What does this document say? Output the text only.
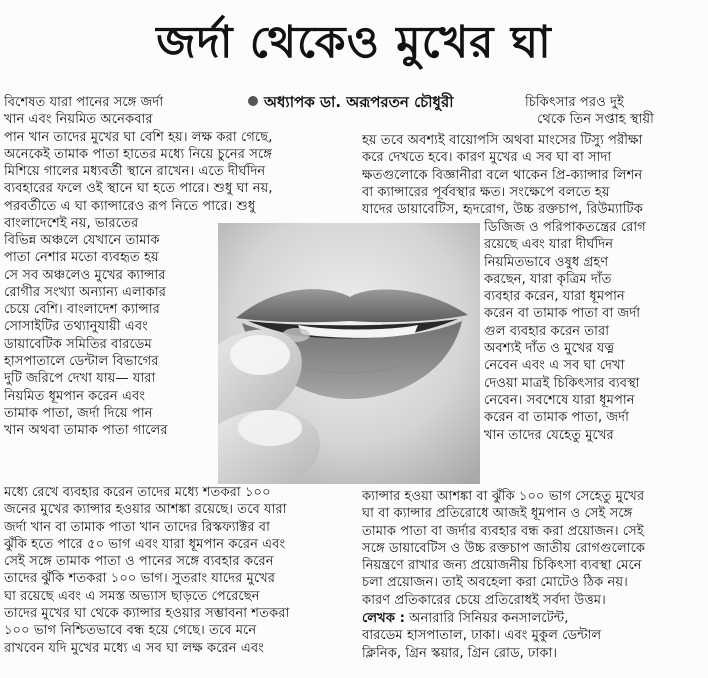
জর্দা থেকেও মুখের ঘা
অধ্যাপক ডা. অরূপরতন চৌধুরী
বিশেষত যারা পানের সঙ্গে জর্দা
খান এবং নিয়মিত অনেকবার
পান খান তাদের মুখের ঘা বেশি হয়। লক্ষ করা গেছে,
অনেকেই তামাক পাতা হাতের মধ্যে নিয়ে চুনের সঙ্গে
মিশিয়ে গালের মধ্যবর্তী স্থানে রাখেন। এতে দীর্ঘদিন
ব্যবহারের ফলে ওই স্থানে ঘা হতে পারে। শুধু ঘা নয়,
পরবর্তীতে এ ঘা ক্যান্সারেও রূপ নিতে পারে। শুধু
বাংলাদেশেই নয়, ভারতের
বিভিন্ন অঞ্চলে যেখানে তামাক
পাতা নেশার মতো ব্যবহৃত হয়
সে সব অঞ্চলেও মুখের ক্যান্সার
রোগীর সংখ্যা অন্যান্য এলাকার
চেয়ে বেশি। বাংলাদেশ ক্যান্সার
সোসাইটির তথ্যানুযায়ী এবং
ডায়াবেটিক সমিতির বারডেম
হাসপাতালে ডেন্টাল বিভাগের
দুটি জরিপে দেখা যায়— যারা
নিয়মিত ধূমপান করেন এবং
তামাক পাতা, জর্দা দিয়ে পান
খান অথবা তামাক পাতা গালের
মধ্যে রেখে ব্যবহার করেন তাদের মধ্যে শতকরা ১০০
জনের মুখের ক্যান্সার হওয়ার আশঙ্কা রয়েছে। তবে যারা
জর্দা খান বা তামাক পাতা খান তাদের রিস্কফ্যাক্টর বা
ঝুঁকি হতে পারে ৫০ ভাগ এবং যারা ধূমপান করেন এবং
সেই সঙ্গে তামাক পাতা ও পানের সঙ্গে ব্যবহার করেন
তাদের ঝুঁকি শতকরা ১০০ ভাগ। সুতরাং যাদের মুখের
ঘা রয়েছে এবং এ সমস্ত অভ্যাস ছাড়তে পেরেছেন
তাদের মুখের ঘা থেকে ক্যান্সার হওয়ার সম্ভাবনা শতকরা
১০০ ভাগ নিশ্চিতভাবে বন্ধ হয়ে গেছে। তবে মনে
রাখবেন যদি মুখের মধ্যে এ সব ঘা লক্ষ করেন এবং
চিকিৎসার পরও দুই
থেকে তিন সপ্তাহ স্থায়ী
হয় তবে অবশ্যই বায়োপসি অথবা মাংসের টিস্যু পরীক্ষা
করে দেখতে হবে। কারণ মুখের এ সব ঘা বা সাদা
ক্ষতগুলোকে বিজ্ঞানীরা বলে থাকেন প্রি-ক্যান্সার লিশন
বা ক্যান্সারের পূর্ববস্থার ক্ষত। সংক্ষেপে বলতে হয়
যাদের ডায়াবেটিস, হৃদরোগ, উচ্চ রক্তচাপ, রিউম্যাটিক
ডিজিজ ও পরিপাকতন্ত্রের রোগ
রয়েছে এবং যারা দীর্ঘদিন
নিয়মিতভাবে ওষুধ গ্রহণ
করছেন, যারা কৃত্রিম দাঁত
ব্যবহার করেন, যারা ধূমপান
করেন বা তামাক পাতা বা জর্দা
গুল ব্যবহার করেন তারা
অবশ্যই দাঁত ও মুখের যত্ন
নেবেন এবং এ সব ঘা দেখা
দেওয়া মাত্রই চিকিৎসার ব্যবস্থা
নেবেন। সবশেষে যারা ধূমপান
করেন বা তামাক পাতা, জর্দা
খান তাদের যেহেতু মুখের
ক্যান্সার হওয়া আশঙ্কা বা ঝুঁকি ১০০ ভাগ সেহেতু মুখের
ঘা বা ক্যান্সার প্রতিরোধে আজই ধূমপান ও সেই সঙ্গে
তামাক পাতা বা জর্দার ব্যবহার বন্ধ করা প্রয়োজন। সেই
সঙ্গে ডায়াবেটিস ও উচ্চ রক্তচাপ জাতীয় রোগগুলোকে
নিয়ন্ত্রণে রাখার জন্য প্রয়োজনীয় চিকিৎসা ব্যবস্থা মেনে
চলা প্রয়োজন। তাই অবহেলা করা মোটেও ঠিক নয়।
কারণ প্রতিকারের চেয়ে প্রতিরোধই সর্বদা উত্তম।
লেখক : অনারারি সিনিয়র কনসালটেন্ট,
বারডেম হাসপাতাল, ঢাকা। এবং মুকুল ডেন্টাল
ক্লিনিক, গ্রিন স্কয়ার, গ্রিন রোড, ঢাকা।
